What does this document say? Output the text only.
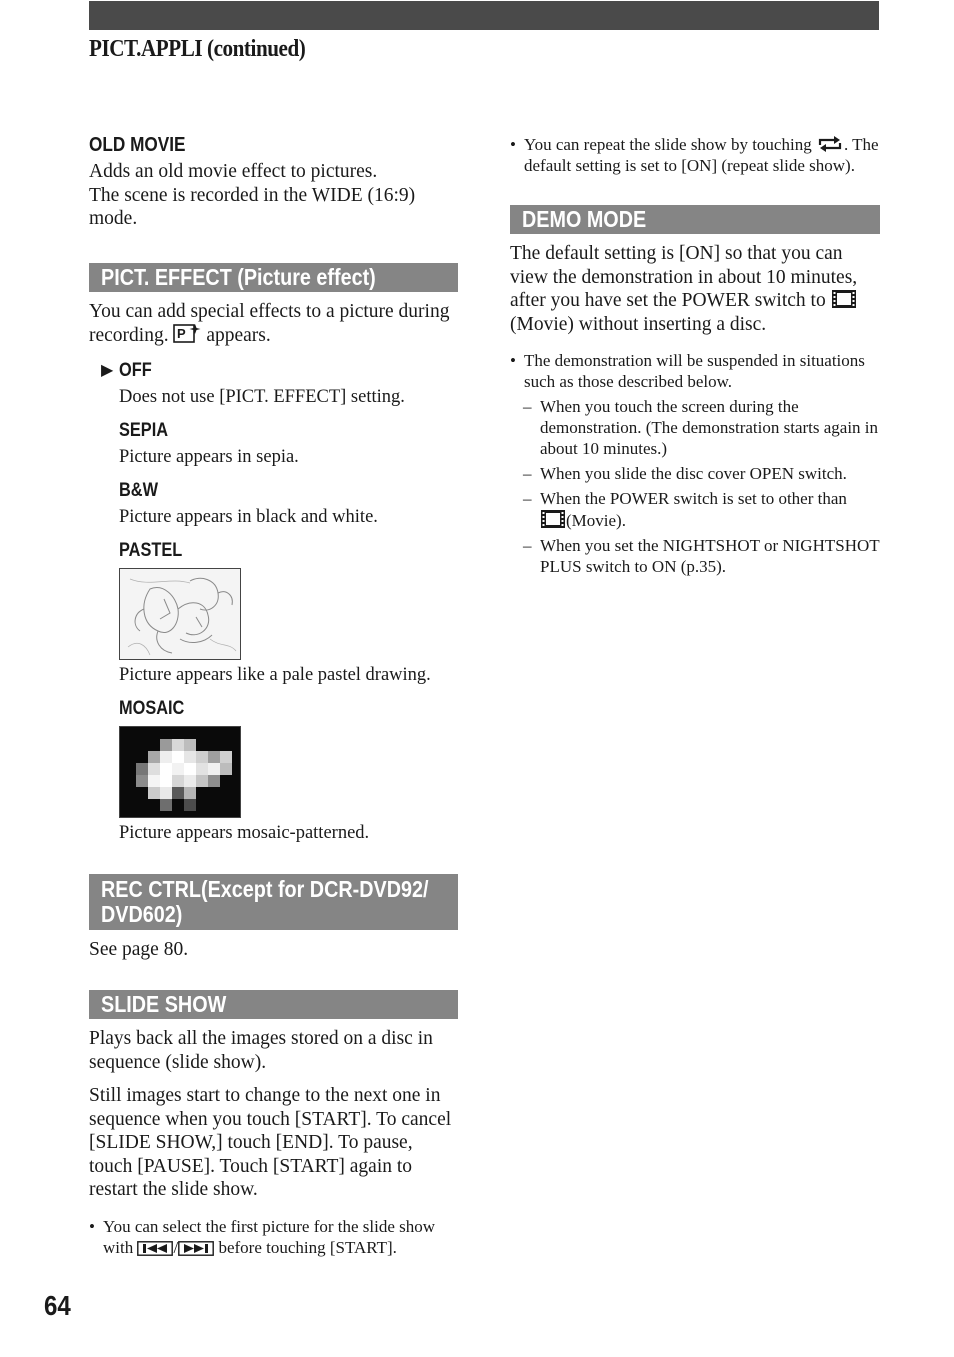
PICT.APPLI (continued)
OLD MOVIE

Adds an old movie effect to pictures.

The scene is recorded in the WIDE (16:9) mode.

PICT. EFFECT (Picture effect)

You can add special effects to a picture during recording. P appears.

▶ OFF

Does not use [PICT. EFFECT] setting.

SEPIA

Picture appears in sepia.

B&W

Picture appears in black and white.

PASTEL

Picture appears like a pale pastel drawing.

MOSAIC

Picture appears mosaic-patterned.

REC CTRL(Except for DCR-DVD92/
DVD602)

See page 80.

SLIDE SHOW

Plays back all the images stored on a disc in sequence (slide show).

Still images start to change to the next one in sequence when you touch [START]. To cancel [SLIDE SHOW,] touch [END]. To pause, touch [PAUSE]. Touch [START] again to restart the slide show.

• You can select the first picture for the slide show with / before touching [START].
• You can repeat the slide show by touching . The default setting is set to [ON] (repeat slide show).
DEMO MODE

The default setting is [ON] so that you can view the demonstration in about 10 minutes, after you have set the POWER switch to (Movie) without inserting a disc.

• The demonstration will be suspended in situations such as those described below.
– When you touch the screen during the demonstration. (The demonstration starts again in about 10 minutes.)
– When you slide the disc cover OPEN switch.
– When the POWER switch is set to other than
(Movie).
– When you set the NIGHTSHOT or NIGHTSHOT PLUS switch to ON (p.35).
64
